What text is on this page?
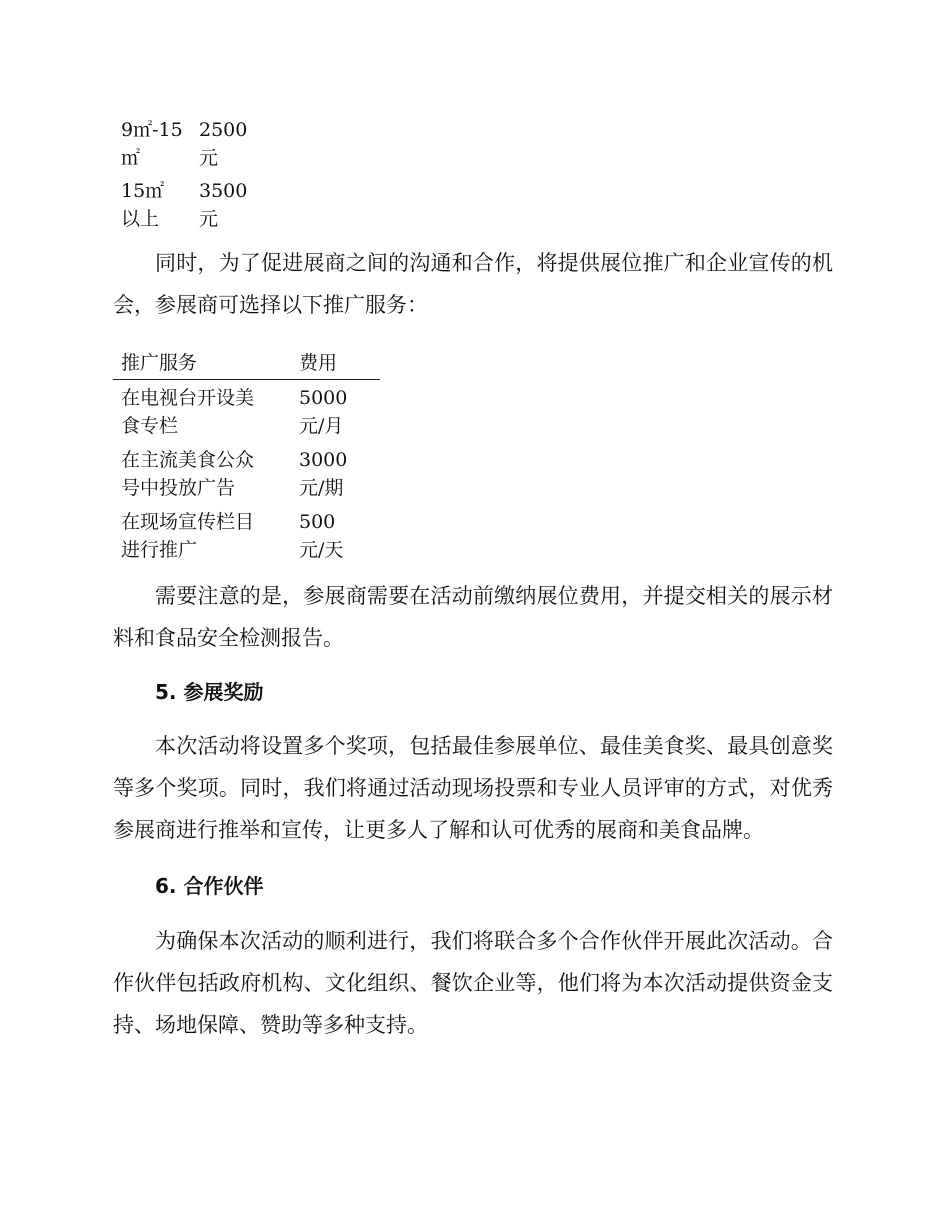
9㎡-15
㎡
2500
元
15㎡
以上
3500
元

同时，为了促进展商之间的沟通和合作，将提供展位推广和企业宣传的机会，参展商可选择以下推广服务：

推广服务	费用
在电视台开设美
食专栏
5000
元/月
在主流美食公众
号中投放广告
3000
元/期
在现场宣传栏目
进行推广
500
元/天

需要注意的是，参展商需要在活动前缴纳展位费用，并提交相关的展示材料和食品安全检测报告。

5. 参展奖励

本次活动将设置多个奖项，包括最佳参展单位、最佳美食奖、最具创意奖等多个奖项。同时，我们将通过活动现场投票和专业人员评审的方式，对优秀参展商进行推举和宣传，让更多人了解和认可优秀的展商和美食品牌。

6. 合作伙伴

为确保本次活动的顺利进行，我们将联合多个合作伙伴开展此次活动。合作伙伴包括政府机构、文化组织、餐饮企业等，他们将为本次活动提供资金支持、场地保障、赞助等多种支持。
